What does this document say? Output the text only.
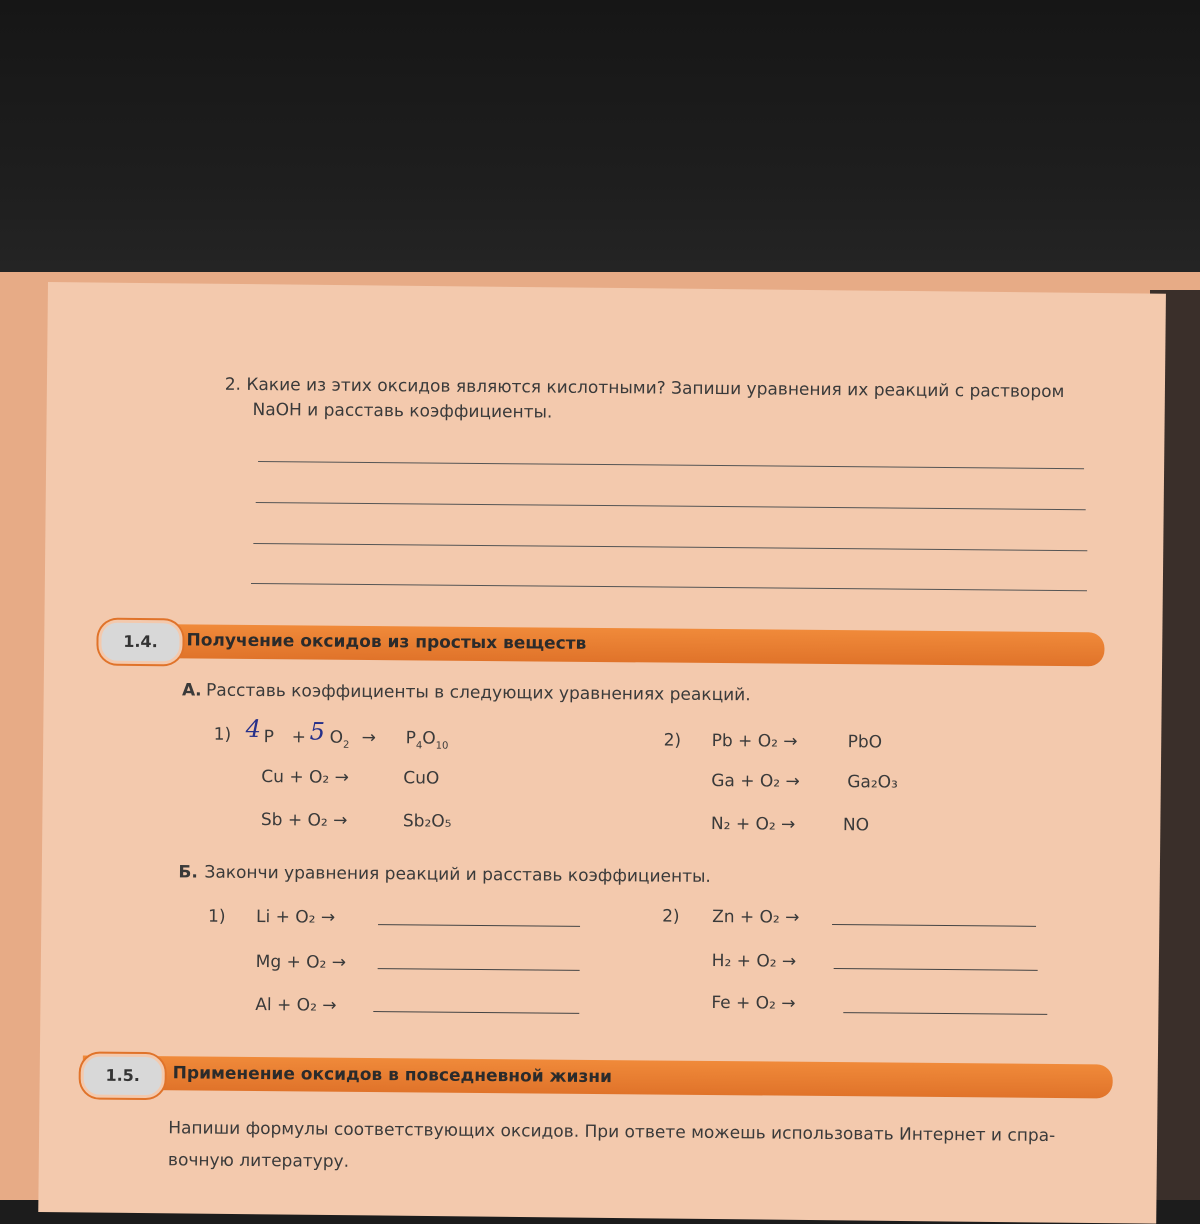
2. Какие из этих оксидов являются кислотными? Запиши уравнения их реакций с раствором
NaOH и расставь коэффициенты.
1.4.	Получение оксидов из простых веществ
А. Расставь коэффициенты в следующих уравнениях реакций.
1) 4 P + 5 $O_2 \to P_4O_{10}$
Cu + O₂ →	CuO
Sb + O₂ →	Sb₂O₅
2) Pb + O₂ →	PbO
Ga + O₂ →	Ga₂O₃
N₂ + O₂ →	NO
Б. Закончи уравнения реакций и расставь коэффициенты.
1) Li + O₂ →
Mg + O₂ →
Al + O₂ →
2) Zn + O₂ →
H₂ + O₂ →
Fe + O₂ →
1.5.	Применение оксидов в повседневной жизни
Напиши формулы соответствующих оксидов. При ответе можешь использовать Интернет и спра-
вочную литературу.
